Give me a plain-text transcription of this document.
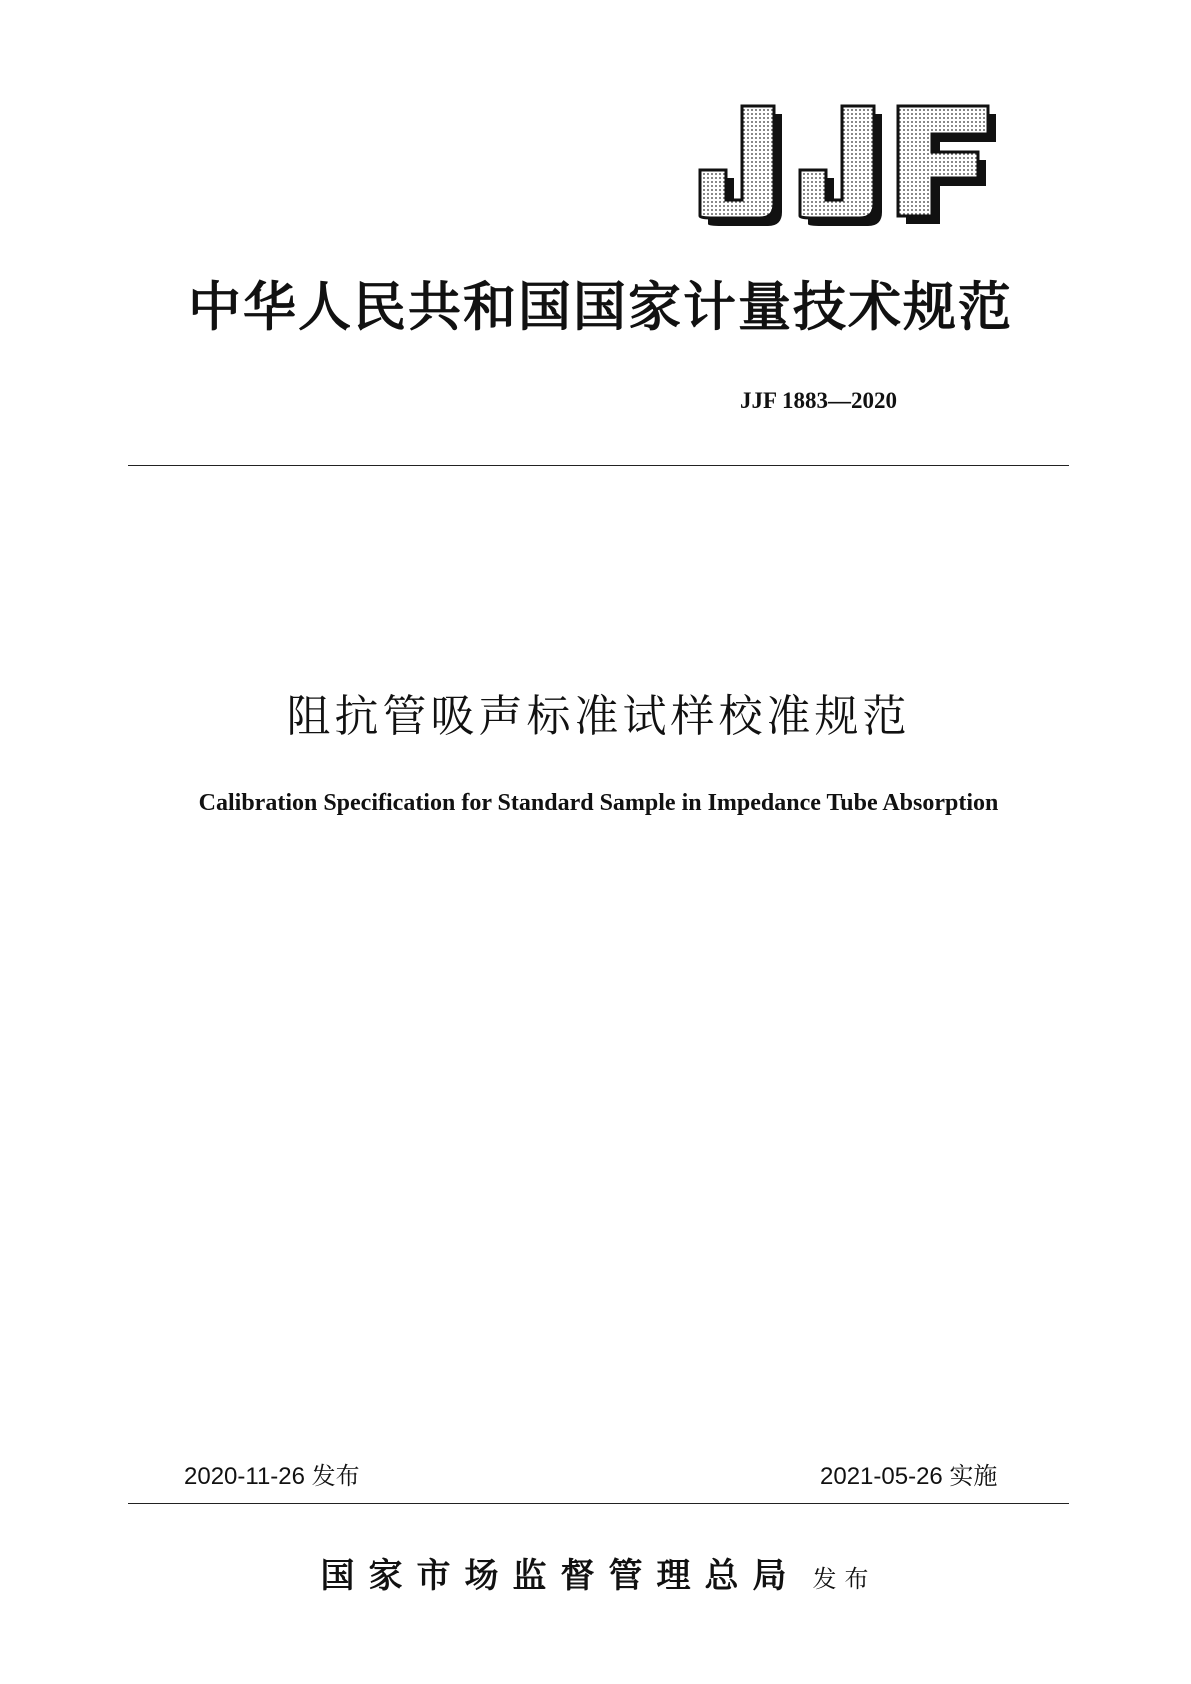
中华人民共和国国家计量技术规范
JJF 1883—2020
阻抗管吸声标准试样校准规范
Calibration Specification for Standard Sample in Impedance Tube Absorption
2020-11-26 发布	2021-05-26 实施
国家市场监督管理总局 发布
